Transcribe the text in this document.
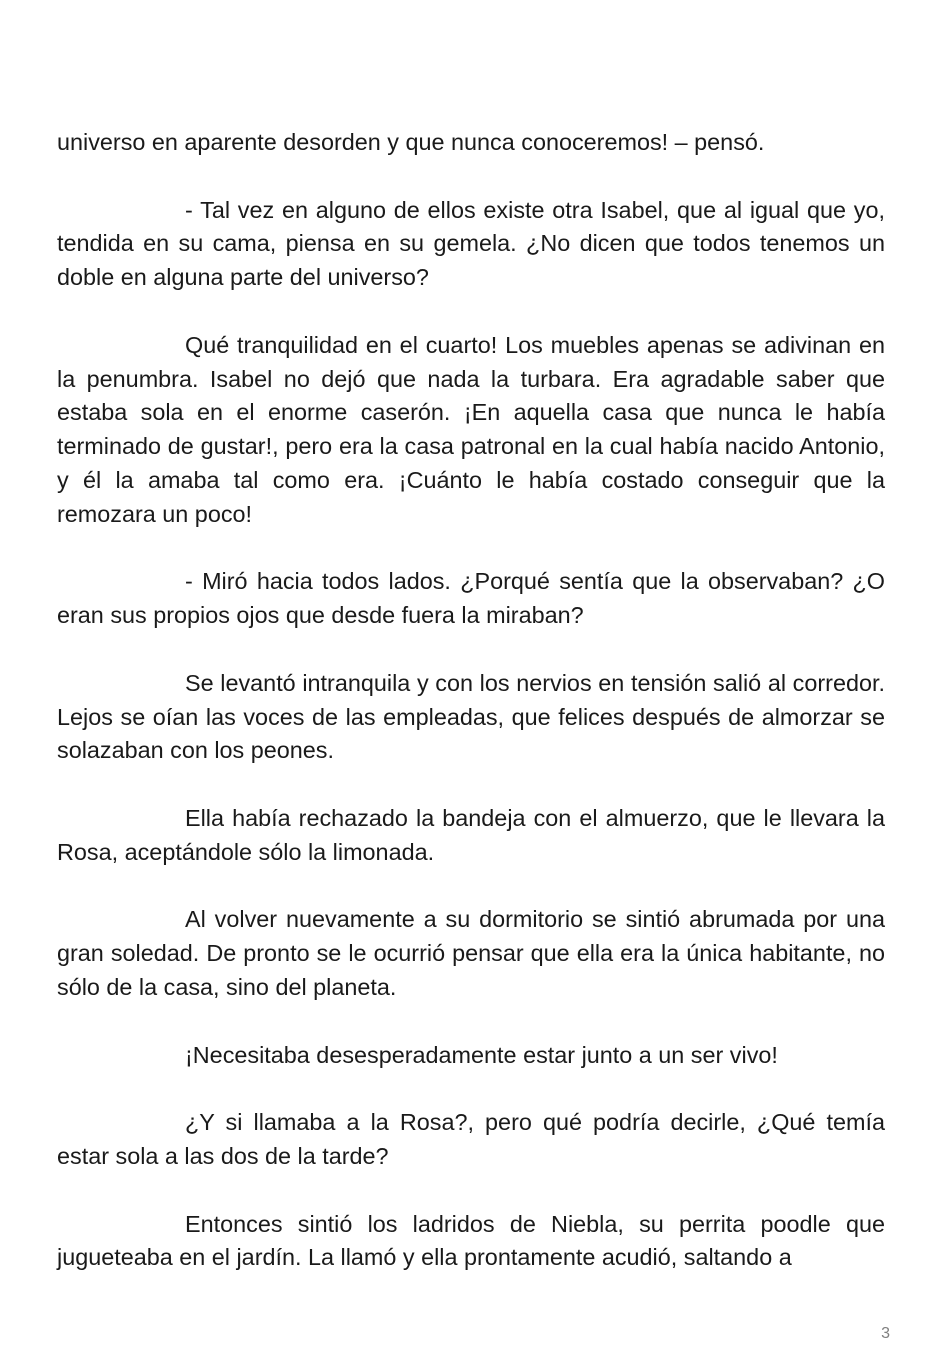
universo en aparente desorden y que nunca conoceremos! – pensó.

- Tal vez en alguno de ellos existe otra Isabel, que al igual que yo, tendida en su cama, piensa en su gemela. ¿No dicen que todos tenemos un doble en alguna parte del universo?

Qué tranquilidad en el cuarto! Los muebles apenas se adivinan en la penumbra. Isabel no dejó que nada la turbara. Era agradable saber que estaba sola en el enorme caserón. ¡En aquella casa que nunca le había terminado de gustar!, pero era la casa patronal en la cual había nacido Antonio, y él la amaba tal como era. ¡Cuánto le había costado conseguir que la remozara un poco!

- Miró hacia todos lados. ¿Porqué sentía que la observaban? ¿O eran sus propios ojos que desde fuera la miraban?

Se levantó intranquila y con los nervios en tensión salió al corredor. Lejos se oían las voces de las empleadas, que felices después de almorzar se solazaban con los peones.

Ella había rechazado la bandeja con el almuerzo, que le llevara la Rosa, aceptándole sólo la limonada.

Al volver nuevamente a su dormitorio se sintió abrumada por una gran soledad. De pronto se le ocurrió pensar que ella era la única habitante, no sólo de la casa, sino del planeta.

¡Necesitaba desesperadamente estar junto a un ser vivo!

¿Y si llamaba a la Rosa?, pero qué podría decirle, ¿Qué temía estar sola a las dos de la tarde?

Entonces sintió los ladridos de Niebla, su perrita poodle que jugueteaba en el jardín. La llamó y ella prontamente acudió, saltando a

3
